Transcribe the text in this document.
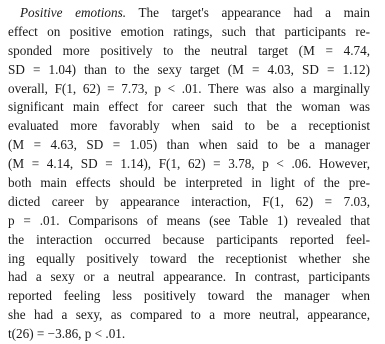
Positive emotions. The target's appearance had a main
effect on positive emotion ratings, such that participants re-
sponded more positively to the neutral target (M = 4.74,
SD = 1.04) than to the sexy target (M = 4.03, SD = 1.12)
overall, F(1, 62) = 7.73, p < .01. There was also a marginally
significant main effect for career such that the woman was
evaluated more favorably when said to be a receptionist
(M = 4.63, SD = 1.05) than when said to be a manager
(M = 4.14, SD = 1.14), F(1, 62) = 3.78, p < .06. However,
both main effects should be interpreted in light of the pre-
dicted career by appearance interaction, F(1, 62) = 7.03,
p = .01. Comparisons of means (see Table 1) revealed that
the interaction occurred because participants reported feel-
ing equally positively toward the receptionist whether she
had a sexy or a neutral appearance. In contrast, participants
reported feeling less positively toward the manager when
she had a sexy, as compared to a more neutral, appearance,
t(26) = −3.86, p < .01.
